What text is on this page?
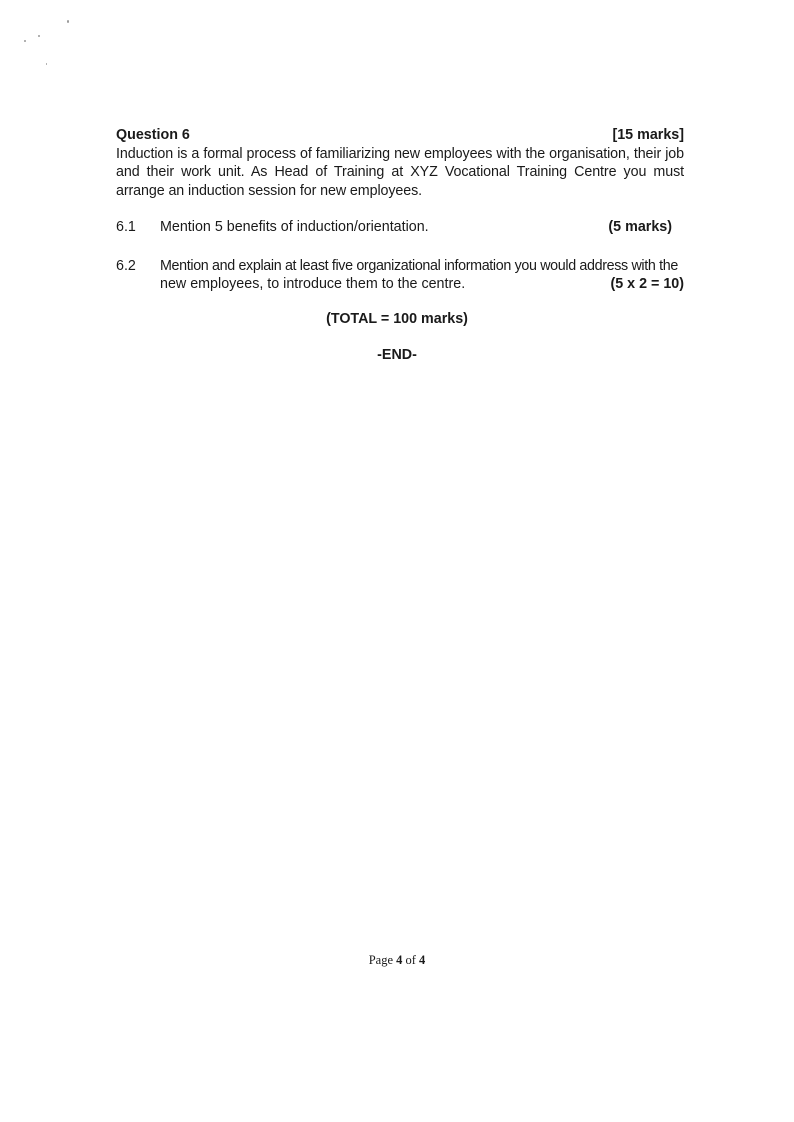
Question 6	[15 marks]

Induction is a formal process of familiarizing new employees with the organisation, their job and their work unit. As Head of Training at XYZ Vocational Training Centre you must arrange an induction session for new employees.

6.1	Mention 5 benefits of induction/orientation.	(5 marks)
6.2	Mention and explain at least five organizational information you would address with the
new employees, to introduce them to the centre.	(5 x 2 = 10)
(TOTAL = 100 marks)
-END-
Page 4 of 4
